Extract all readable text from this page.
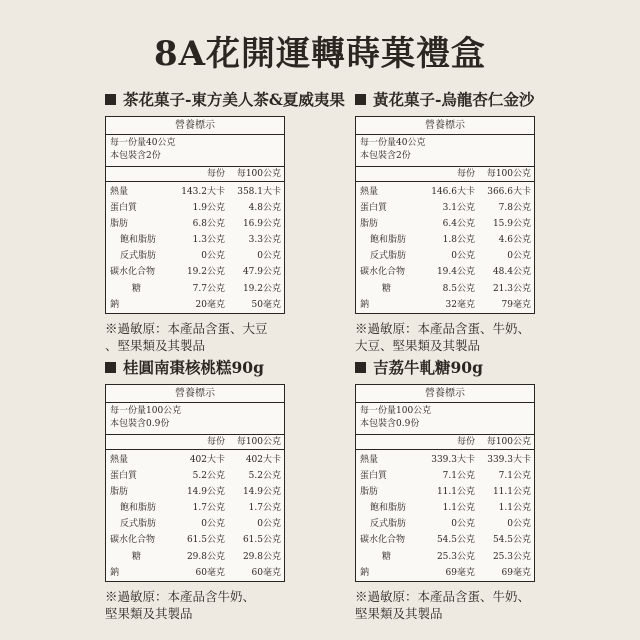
8A花開運轉蒔菓禮盒
茶花菓子-東方美人茶&夏威夷果
營養標示
每一份量40公克
本包裝含2份
每份	每100公克
熱量	143.2大卡	358.1大卡
蛋白質	1.9公克	4.8公克
脂肪	6.8公克	16.9公克
飽和脂肪	1.3公克	3.3公克
反式脂肪	0公克	0公克
碳水化合物	19.2公克	47.9公克
糖	7.7公克	19.2公克
鈉	20毫克	50毫克
※過敏原：本產品含蛋、大豆
、堅果類及其製品
黃花菓子-烏龍杏仁金沙
營養標示
每一份量40公克
本包裝含2份
每份	每100公克
熱量	146.6大卡	366.6大卡
蛋白質	3.1公克	7.8公克
脂肪	6.4公克	15.9公克
飽和脂肪	1.8公克	4.6公克
反式脂肪	0公克	0公克
碳水化合物	19.4公克	48.4公克
糖	8.5公克	21.3公克
鈉	32毫克	79毫克
※過敏原：本產品含蛋、牛奶、
大豆、堅果類及其製品
桂圓南棗核桃糕90g
營養標示
每一份量100公克
本包裝含0.9份
每份	每100公克
熱量	402大卡	402大卡
蛋白質	5.2公克	5.2公克
脂肪	14.9公克	14.9公克
飽和脂肪	1.7公克	1.7公克
反式脂肪	0公克	0公克
碳水化合物	61.5公克	61.5公克
糖	29.8公克	29.8公克
鈉	60毫克	60毫克
※過敏原：本產品含牛奶、
堅果類及其製品
吉荔牛軋糖90g
營養標示
每一份量100公克
本包裝含0.9份
每份	每100公克
熱量	339.3大卡	339.3大卡
蛋白質	7.1公克	7.1公克
脂肪	11.1公克	11.1公克
飽和脂肪	1.1公克	1.1公克
反式脂肪	0公克	0公克
碳水化合物	54.5公克	54.5公克
糖	25.3公克	25.3公克
鈉	69毫克	69毫克
※過敏原：本產品含蛋、牛奶、
堅果類及其製品
